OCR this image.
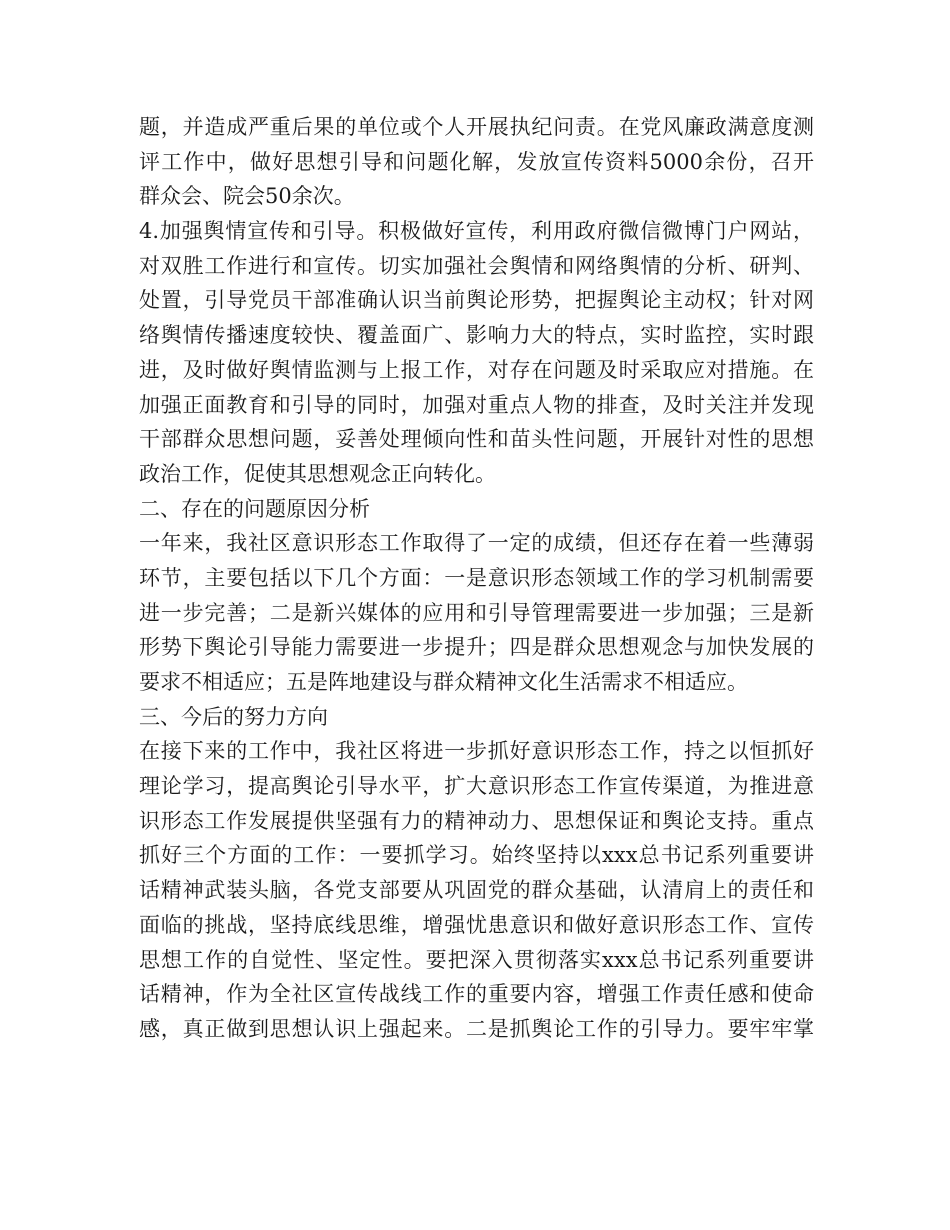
题，并造成严重后果的单位或个人开展执纪问责。在党风廉政满意度测
评工作中，做好思想引导和问题化解，发放宣传资料5000余份，召开
群众会、院会50余次。
4.加强舆情宣传和引导。积极做好宣传，利用政府微信微博门户网站，
对双胜工作进行和宣传。切实加强社会舆情和网络舆情的分析、研判、
处置，引导党员干部准确认识当前舆论形势，把握舆论主动权；针对网
络舆情传播速度较快、覆盖面广、影响力大的特点，实时监控，实时跟
进，及时做好舆情监测与上报工作，对存在问题及时采取应对措施。在
加强正面教育和引导的同时，加强对重点人物的排查，及时关注并发现
干部群众思想问题，妥善处理倾向性和苗头性问题，开展针对性的思想
政治工作，促使其思想观念正向转化。
二、存在的问题原因分析
一年来，我社区意识形态工作取得了一定的成绩，但还存在着一些薄弱
环节，主要包括以下几个方面：一是意识形态领域工作的学习机制需要
进一步完善；二是新兴媒体的应用和引导管理需要进一步加强；三是新
形势下舆论引导能力需要进一步提升；四是群众思想观念与加快发展的
要求不相适应；五是阵地建设与群众精神文化生活需求不相适应。
三、今后的努力方向
在接下来的工作中，我社区将进一步抓好意识形态工作，持之以恒抓好
理论学习，提高舆论引导水平，扩大意识形态工作宣传渠道，为推进意
识形态工作发展提供坚强有力的精神动力、思想保证和舆论支持。重点
抓好三个方面的工作：一要抓学习。始终坚持以xxx总书记系列重要讲
话精神武装头脑，各党支部要从巩固党的群众基础，认清肩上的责任和
面临的挑战，坚持底线思维，增强忧患意识和做好意识形态工作、宣传
思想工作的自觉性、坚定性。要把深入贯彻落实xxx总书记系列重要讲
话精神，作为全社区宣传战线工作的重要内容，增强工作责任感和使命
感，真正做到思想认识上强起来。二是抓舆论工作的引导力。要牢牢掌
